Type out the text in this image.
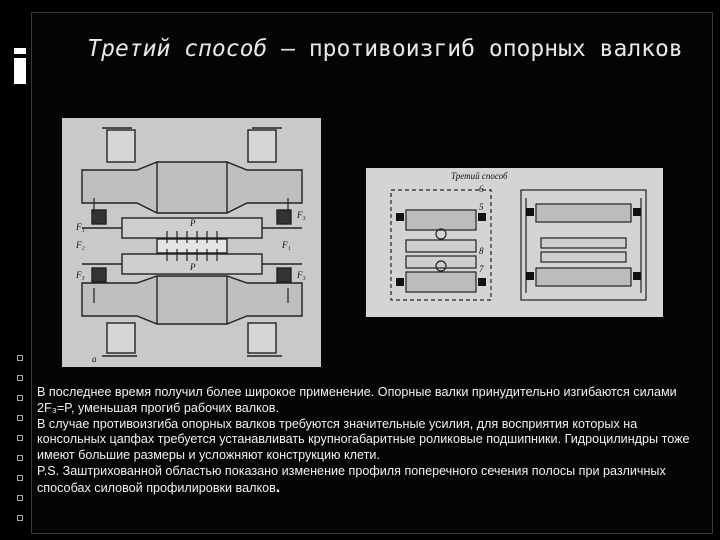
Третий способ – противоизгиб опорных валков
F₁
F₃
F₂	F₁
F₃	F₃
P
P
a
Третий способ
6
5
8
7

В последнее время получил более широкое применение. Опорные валки принудительно изгибаются силами 2F₃=P, уменьшая прогиб рабочих валков.

В случае противоизгиба опорных валков требуются значительные усилия, для восприятия которых на консольных цапфах требуется устанавливать крупногабаритные роликовые подшипники. Гидроцилиндры тоже имеют большие размеры и усложняют конструкцию клети.

P.S. Заштрихованной областью показано изменение профиля поперечного сечения полосы при различных способах силовой профилировки валков.
